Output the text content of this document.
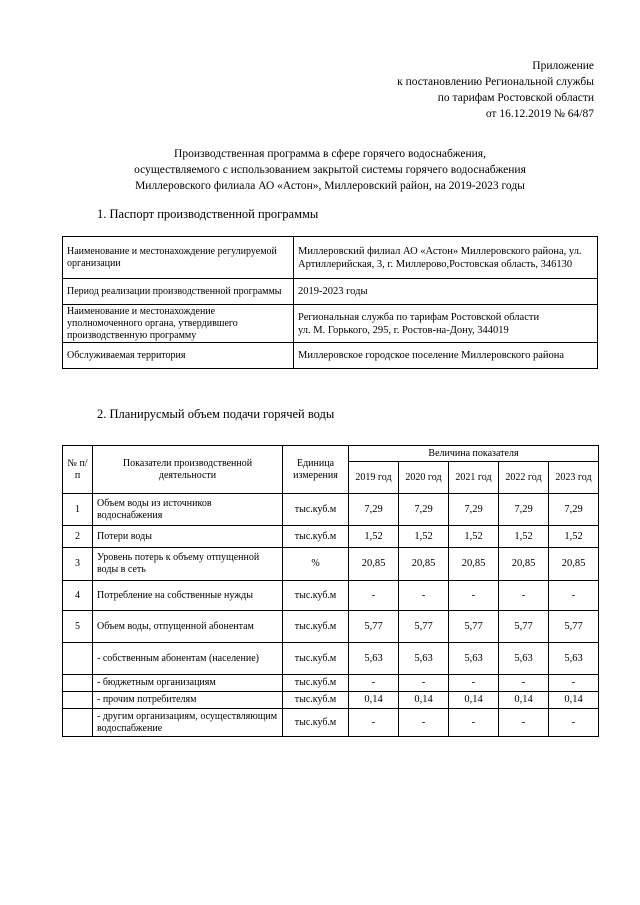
Приложение
к постановлению Региональной службы
по тарифам Ростовской области
от 16.12.2019 № 64/87
Производственная программа в сфере горячего водоснабжения,
осуществляемого с использованием закрытой системы горячего водоснабжения
Миллеровского филиала АО «Астон», Миллеровский район, на 2019-2023 годы
1. Паспорт производственной программы
Наименование и местонахождение регулируемой организации	Миллеровский филиал АО «Астон» Миллеровского района, ул. Артиллерийская, 3, г. Миллерово,Ростовская область, 346130
Период реализации производственной программы	2019-2023 годы
Наименование и местонахождение уполномоченного органа, утвердившего производственную программу	Региональная служба по тарифам Ростовской области
ул. М. Горького, 295, г. Ростов-на-Дону, 344019

Обслуживаемая территория	Миллеровское городское поселение Миллеровского района
2. Планирусмый объем подачи горячей воды
№ п/п	Показатели производственной деятельности	Единица измерения	Величина показателя				
			2019 год	2020 год	2021 год	2022 год	2023 год
1	Объем воды из источников водоснабжения	тыс.куб.м	7,29	7,29	7,29	7,29	7,29
2	Потери воды	тыс.куб.м	1,52	1,52	1,52	1,52	1,52
3	Уровень потерь к объему отпущенной воды в сеть	%	20,85	20,85	20,85	20,85	20,85
4	Потребление на собственные нужды	тыс.куб.м	-	-	-	-	-
5	Объем воды, отпущенной абонентам	тыс.куб.м	5,77	5,77	5,77	5,77	5,77
	- собственным абонентам (население)	тыс.куб.м	5,63	5,63	5,63	5,63	5,63
	- бюджетным организациям	тыс.куб.м	-	-	-	-	-
	- прочим потребителям	тыс.куб.м	0,14	0,14	0,14	0,14	0,14
	- другим организациям, осуществляющим водоспабжение	тыс.куб.м	-	-	-	-	-
